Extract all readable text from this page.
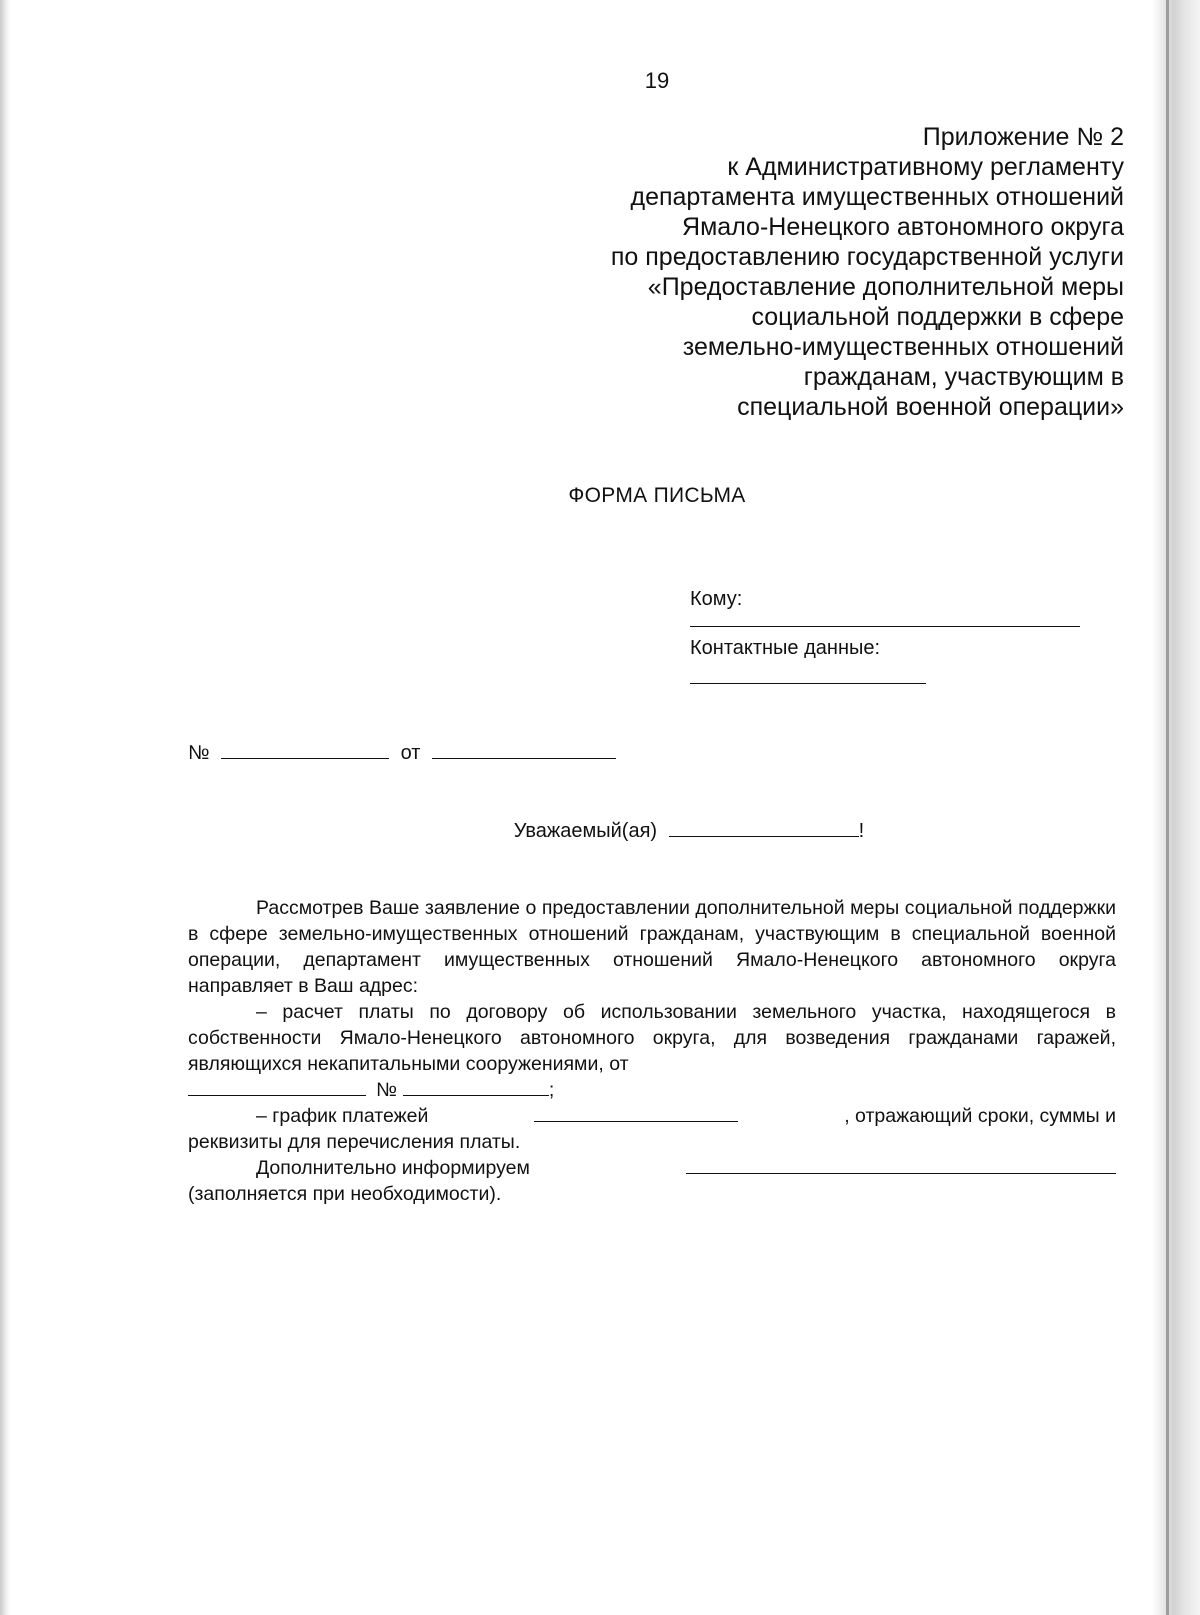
19
Приложение № 2
к Административному регламенту
департамента имущественных отношений
Ямало-Ненецкого автономного округа
по предоставлению государственной услуги
«Предоставление дополнительной меры
социальной поддержки в сфере
земельно-имущественных отношений
гражданам, участвующим в
специальной военной операции»
ФОРМА ПИСЬМА
Кому:
Контактные данные:
№	от
Уважаемый(ая)	!

Рассмотрев Ваше заявление о предоставлении дополнительной меры социальной поддержки в сфере земельно-имущественных отношений гражданам, участвующим в специальной военной операции, департамент имущественных отношений Ямало-Ненецкого автономного округа направляет в Ваш адрес:

– расчет платы по договору об использовании земельного участка, находящегося в собственности Ямало-Ненецкого автономного округа, для возведения гражданами гаражей, являющихся некапитальными сооружениями, от

№	;
– график платежей	, отражающий сроки, суммы и

реквизиты для перечисления платы.

Дополнительно информируем

(заполняется при необходимости).
